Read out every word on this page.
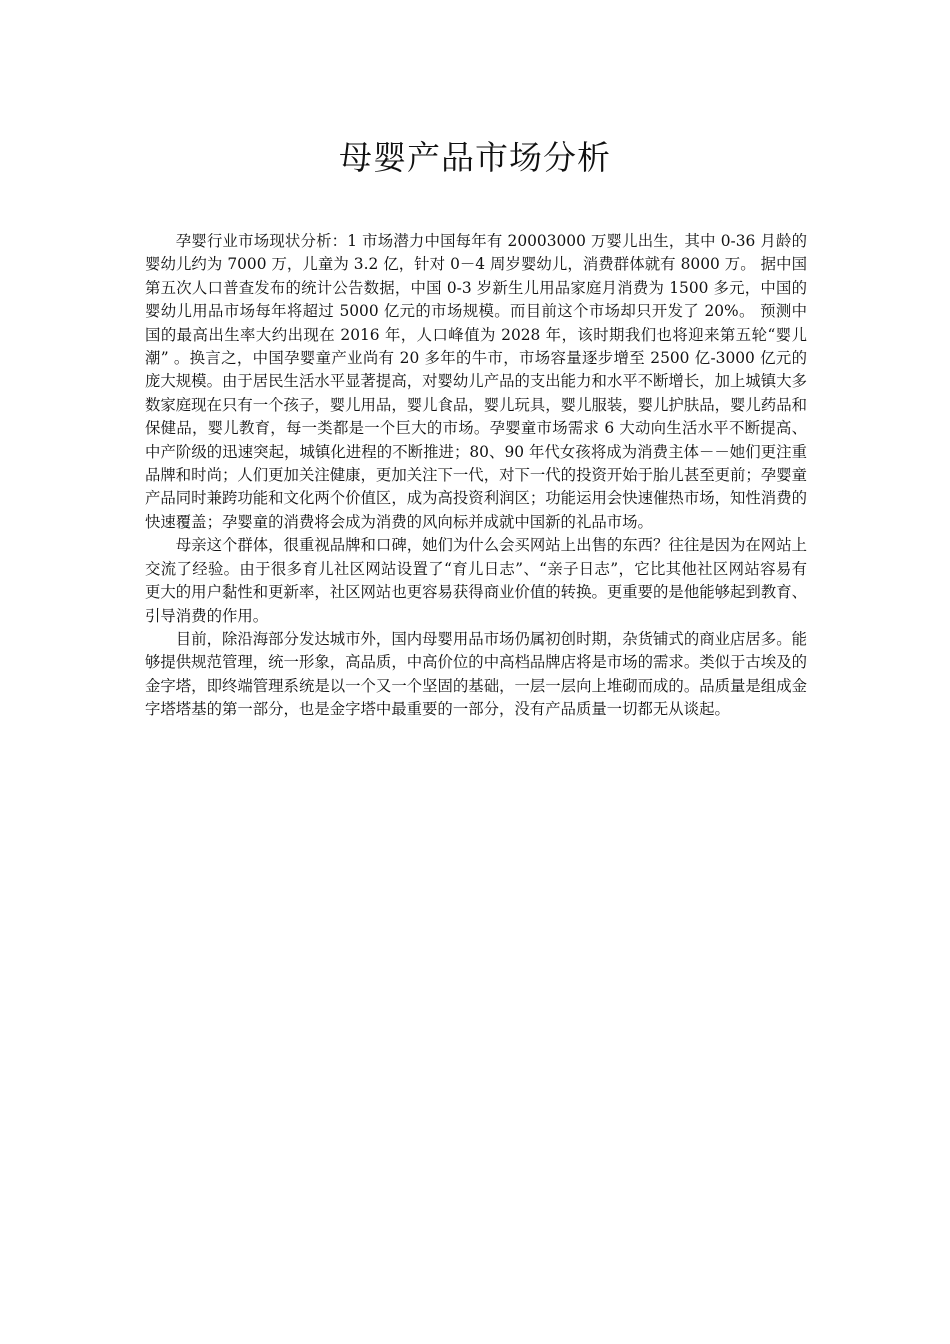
母婴产品市场分析

孕婴行业市场现状分析：1 市场潜力中国每年有 20003000 万婴儿出生，其中 0-36 月龄的婴幼儿约为 7000 万，儿童为 3.2 亿，针对 0－4 周岁婴幼儿，消费群体就有 8000 万。 据中国第五次人口普查发布的统计公告数据，中国 0-3 岁新生儿用品家庭月消费为 1500 多元，中国的婴幼儿用品市场每年将超过 5000 亿元的市场规模。而目前这个市场却只开发了 20%。 预测中国的最高出生率大约出现在 2016 年，人口峰值为 2028 年，该时期我们也将迎来第五轮“婴儿潮” 。换言之，中国孕婴童产业尚有 20 多年的牛市，市场容量逐步增至 2500 亿-3000 亿元的庞大规模。由于居民生活水平显著提高，对婴幼儿产品的支出能力和水平不断增长，加上城镇大多数家庭现在只有一个孩子，婴儿用品，婴儿食品，婴儿玩具，婴儿服装，婴儿护肤品，婴儿药品和保健品，婴儿教育，每一类都是一个巨大的市场。孕婴童市场需求 6 大动向生活水平不断提高、中产阶级的迅速突起，城镇化进程的不断推进；80、90 年代女孩将成为消费主体－－她们更注重品牌和时尚；人们更加关注健康，更加关注下一代，对下一代的投资开始于胎儿甚至更前；孕婴童产品同时兼跨功能和文化两个价值区，成为高投资利润区；功能运用会快速催热市场，知性消费的快速覆盖；孕婴童的消费将会成为消费的风向标并成就中国新的礼品市场。

母亲这个群体，很重视品牌和口碑，她们为什么会买网站上出售的东西？往往是因为在网站上交流了经验。由于很多育儿社区网站设置了“育儿日志”、“亲子日志”，它比其他社区网站容易有更大的用户黏性和更新率，社区网站也更容易获得商业价值的转换。更重要的是他能够起到教育、引导消费的作用。

目前，除沿海部分发达城市外，国内母婴用品市场仍属初创时期，杂货铺式的商业店居多。能够提供规范管理，统一形象，高品质，中高价位的中高档品牌店将是市场的需求。类似于古埃及的金字塔，即终端管理系统是以一个又一个坚固的基础，一层一层向上堆砌而成的。品质量是组成金字塔塔基的第一部分，也是金字塔中最重要的一部分，没有产品质量一切都无从谈起。
